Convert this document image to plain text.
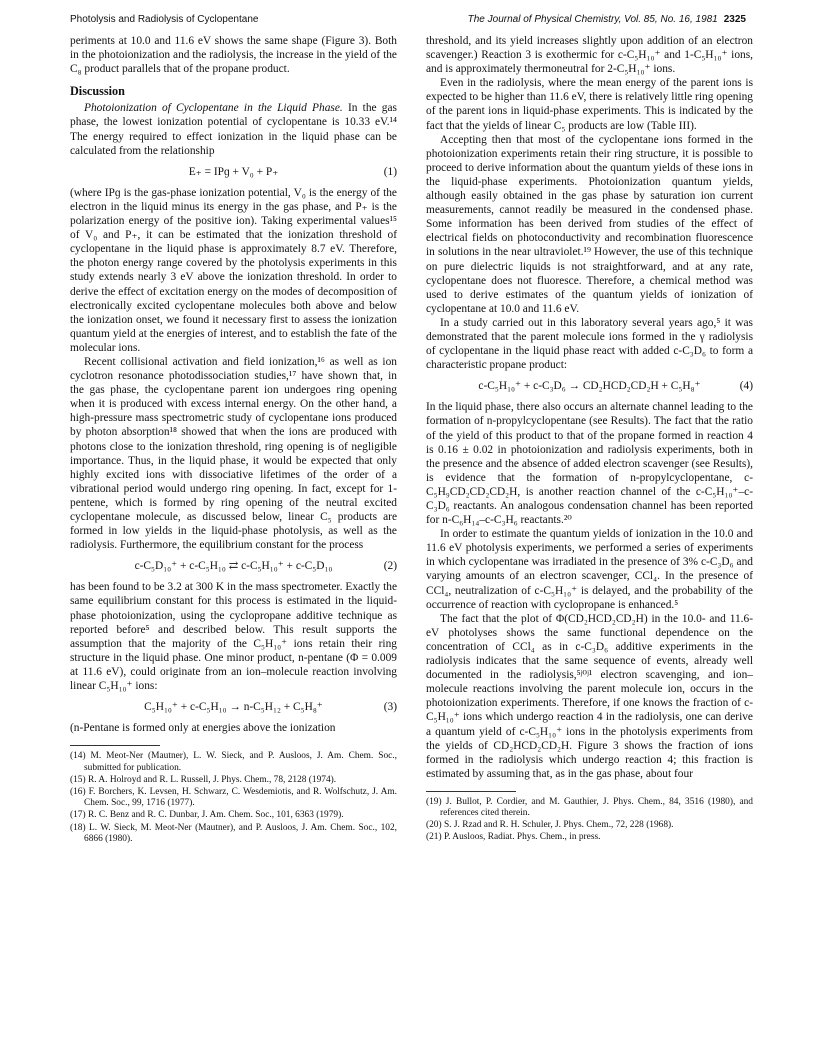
Photolysis and Radiolysis of Cyclopentane	The Journal of Physical Chemistry, Vol. 85, No. 16, 1981 2325

periments at 10.0 and 11.6 eV shows the same shape (Figure 3). Both in the photoionization and the radiolysis, the increase in the yield of the C₈ product parallels that of the propane product.

Discussion

Photoionization of Cyclopentane in the Liquid Phase. In the gas phase, the lowest ionization potential of cyclopentane is 10.33 eV.¹⁴ The energy required to effect ionization in the liquid phase can be calculated from the relationship

E₊ = IPɡ + V₀ + P₊	(1)

(where IPɡ is the gas-phase ionization potential, V₀ is the energy of the electron in the liquid minus its energy in the gas phase, and P₊ is the polarization energy of the positive ion). Taking experimental values¹⁵ of V₀ and P₊, it can be estimated that the ionization threshold of cyclopentane in the liquid phase is approximately 8.7 eV. Therefore, the photon energy range covered by the photolysis experiments in this study extends nearly 3 eV above the ionization threshold. In order to derive the effect of excitation energy on the modes of decomposition of electronically excited cyclopentane molecules both above and below the ionization onset, we found it necessary first to assess the ionization quantum yield at the energies of interest, and to establish the fate of the molecular ions.

Recent collisional activation and field ionization,¹⁶ as well as ion cyclotron resonance photodissociation studies,¹⁷ have shown that, in the gas phase, the cyclopentane parent ion undergoes ring opening when it is produced with excess internal energy. On the other hand, a high-pressure mass spectrometric study of cyclopentane ions produced by photon absorption¹⁸ showed that when the ions are produced with photons close to the ionization threshold, ring opening is of negligible importance. Thus, in the liquid phase, it would be expected that only highly excited ions with dissociative lifetimes of the order of a vibrational period would undergo ring opening. In fact, except for 1-pentene, which is formed by ring opening of the neutral excited cyclopentane molecule, as discussed below, linear C₅ products are formed in low yields in the liquid-phase photolysis, as well as the radiolysis. Furthermore, the equilibrium constant for the process

c-C₅D₁₀⁺ + c-C₅H₁₀ ⇄ c-C₅H₁₀⁺ + c-C₅D₁₀	(2)

has been found to be 3.2 at 300 K in the mass spectrometer. Exactly the same equilibrium constant for this process is estimated in the liquid-phase photoionization, using the cyclopropane additive technique as reported before⁵ and described below. This result supports the assumption that the majority of the C₅H₁₀⁺ ions retain their ring structure in the liquid phase. One minor product, n-pentane (Φ = 0.009 at 11.6 eV), could originate from an ion–molecule reaction involving linear C₅H₁₀⁺ ions:

C₅H₁₀⁺ + c-C₅H₁₀ → n-C₅H₁₂ + C₅H₈⁺	(3)

(n-Pentane is formed only at energies above the ionization

(14) M. Meot-Ner (Mautner), L. W. Sieck, and P. Ausloos, J. Am. Chem. Soc., submitted for publication.

(15) R. A. Holroyd and R. L. Russell, J. Phys. Chem., 78, 2128 (1974).

(16) F. Borchers, K. Levsen, H. Schwarz, C. Wesdemiotis, and R. Wolfschutz, J. Am. Chem. Soc., 99, 1716 (1977).

(17) R. C. Benz and R. C. Dunbar, J. Am. Chem. Soc., 101, 6363 (1979).

(18) L. W. Sieck, M. Meot-Ner (Mautner), and P. Ausloos, J. Am. Chem. Soc., 102, 6866 (1980).

threshold, and its yield increases slightly upon addition of an electron scavenger.) Reaction 3 is exothermic for c-C₅H₁₀⁺ and 1-C₅H₁₀⁺ ions, and is approximately thermoneutral for 2-C₅H₁₀⁺ ions.

Even in the radiolysis, where the mean energy of the parent ions is expected to be higher than 11.6 eV, there is relatively little ring opening of the parent ions in liquid-phase experiments. This is indicated by the fact that the yields of linear C₅ products are low (Table III).

Accepting then that most of the cyclopentane ions formed in the photoionization experiments retain their ring structure, it is possible to proceed to derive information about the quantum yields of these ions in the liquid-phase experiments. Photoionization quantum yields, although easily obtained in the gas phase by saturation ion current measurements, cannot readily be measured in the condensed phase. Some information has been derived from studies of the effect of electrical fields on photoconductivity and recombination fluorescence in solutions in the near ultraviolet.¹⁹ However, the use of this technique on pure dielectric liquids is not straightforward, and at any rate, cyclopentane does not fluoresce. Therefore, a chemical method was used to derive estimates of the quantum yields of ionization of cyclopentane at 10.0 and 11.6 eV.

In a study carried out in this laboratory several years ago,⁵ it was demonstrated that the parent molecule ions formed in the γ radiolysis of cyclopentane in the liquid phase react with added c-C₃D₆ to form a characteristic propane product:

c-C₅H₁₀⁺ + c-C₃D₆ → CD₂HCD₂CD₂H + C₅H₈⁺	(4)

In the liquid phase, there also occurs an alternate channel leading to the formation of n-propylcyclopentane (see Results). The fact that the ratio of the yield of this product to that of the propane formed in reaction 4 is 0.16 ± 0.02 in photoionization and radiolysis experiments, both in the presence and the absence of added electron scavenger (see Results), is evidence that the formation of n-propylcyclopentane, c-C₅H₉CD₂CD₂CD₂H, is another reaction channel of the c-C₅H₁₀⁺–c-C₃D₆ reactants. An analogous condensation channel has been reported for n-C₆H₁₄–c-C₃H₆ reactants.²⁰

In order to estimate the quantum yields of ionization in the 10.0 and 11.6 eV photolysis experiments, we performed a series of experiments in which cyclopentane was irradiated in the presence of 3% c-C₃D₆ and varying amounts of an electron scavenger, CCl₄. In the presence of CCl₄, neutralization of c-C₅H₁₀⁺ is delayed, and the probability of the occurrence of reaction with cyclopropane is enhanced.⁵

The fact that the plot of Φ(CD₂HCD₂CD₂H) in the 10.0- and 11.6-eV photolyses shows the same functional dependence on the concentration of CCl₄ as in c-C₃D₆ additive experiments in the radiolysis indicates that the same sequence of events, already well documented in the radiolysis,⁵ʲ⁰ʲ¹ electron scavenging, and ion–molecule reactions involving the parent molecule ion, occurs in the photoionization experiments. Therefore, if one knows the fraction of c-C₅H₁₀⁺ ions which undergo reaction 4 in the radiolysis, one can derive a quantum yield of c-C₅H₁₀⁺ ions in the photolysis experiments from the yields of CD₂HCD₂CD₂H. Figure 3 shows the fraction of ions formed in the radiolysis which undergo reaction 4; this fraction is estimated by assuming that, as in the gas phase, about four

(19) J. Bullot, P. Cordier, and M. Gauthier, J. Phys. Chem., 84, 3516 (1980), and references cited therein.

(20) S. J. Rzad and R. H. Schuler, J. Phys. Chem., 72, 228 (1968).

(21) P. Ausloos, Radiat. Phys. Chem., in press.
